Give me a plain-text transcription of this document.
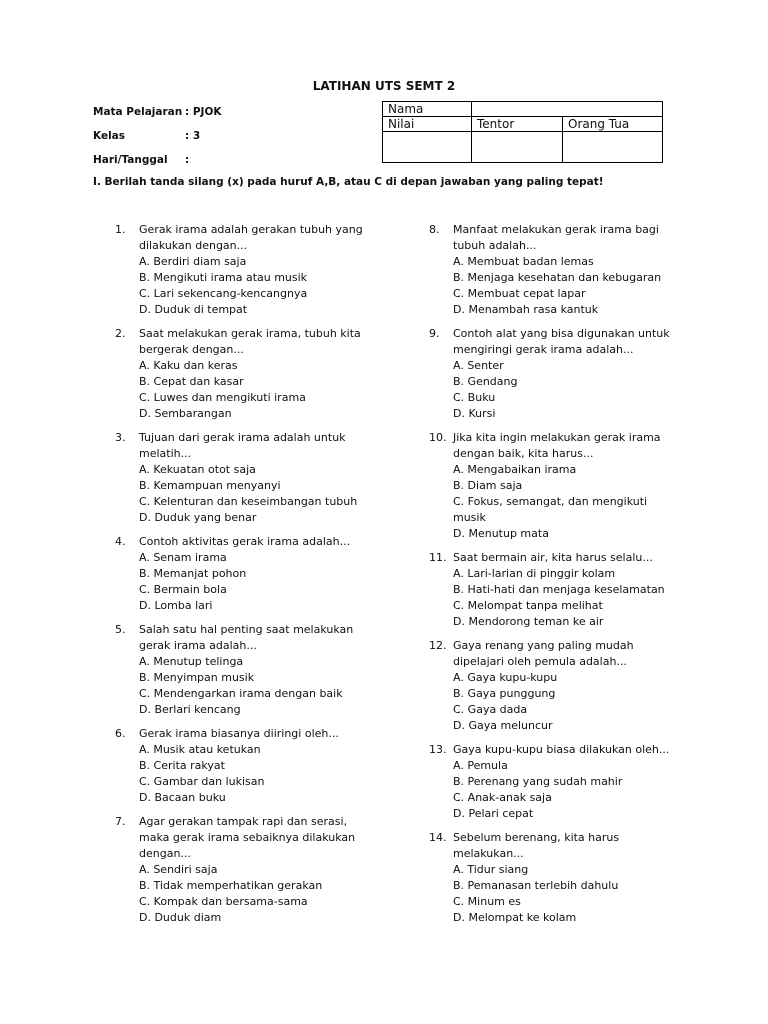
LATIHAN UTS SEMT 2
Mata Pelajaran : PJOK
Kelas	: 3
Hari/Tanggal :
Nama		
Nilai	Tentor	Orang Tua

I. Berilah tanda silang (x) pada huruf A,B, atau C di depan jawaban yang paling tepat!
1.	Gerak irama adalah gerakan tubuh yang dilakukan dengan...
A. Berdiri diam saja
B. Mengikuti irama atau musik
C. Lari sekencang-kencangnya
D. Duduk di tempat
2.	Saat melakukan gerak irama, tubuh kita bergerak dengan...
A. Kaku dan keras
B. Cepat dan kasar
C. Luwes dan mengikuti irama
D. Sembarangan
3.	Tujuan dari gerak irama adalah untuk melatih...
A. Kekuatan otot saja
B. Kemampuan menyanyi
C. Kelenturan dan keseimbangan tubuh
D. Duduk yang benar
4.	Contoh aktivitas gerak irama adalah...
A. Senam irama
B. Memanjat pohon
C. Bermain bola
D. Lomba lari
5.	Salah satu hal penting saat melakukan gerak irama adalah...
A. Menutup telinga
B. Menyimpan musik
C. Mendengarkan irama dengan baik
D. Berlari kencang
6.	Gerak irama biasanya diiringi oleh...
A. Musik atau ketukan
B. Cerita rakyat
C. Gambar dan lukisan
D. Bacaan buku
7.	Agar gerakan tampak rapi dan serasi, maka gerak irama sebaiknya dilakukan dengan...
A. Sendiri saja
B. Tidak memperhatikan gerakan
C. Kompak dan bersama-sama
D. Duduk diam
8.	Manfaat melakukan gerak irama bagi tubuh adalah...
A. Membuat badan lemas
B. Menjaga kesehatan dan kebugaran
C. Membuat cepat lapar
D. Menambah rasa kantuk
9.	Contoh alat yang bisa digunakan untuk mengiringi gerak irama adalah...
A. Senter
B. Gendang
C. Buku
D. Kursi
10. Jika kita ingin melakukan gerak irama dengan baik, kita harus...
A. Mengabaikan irama
B. Diam saja
C. Fokus, semangat, dan mengikuti musik
D. Menutup mata
11. Saat bermain air, kita harus selalu...
A. Lari-larian di pinggir kolam
B. Hati-hati dan menjaga keselamatan
C. Melompat tanpa melihat
D. Mendorong teman ke air
12. Gaya renang yang paling mudah dipelajari oleh pemula adalah...
A. Gaya kupu-kupu
B. Gaya punggung
C. Gaya dada
D. Gaya meluncur
13. Gaya kupu-kupu biasa dilakukan oleh...
A. Pemula
B. Perenang yang sudah mahir
C. Anak-anak saja
D. Pelari cepat
14. Sebelum berenang, kita harus melakukan...
A. Tidur siang
B. Pemanasan terlebih dahulu
C. Minum es
D. Melompat ke kolam
